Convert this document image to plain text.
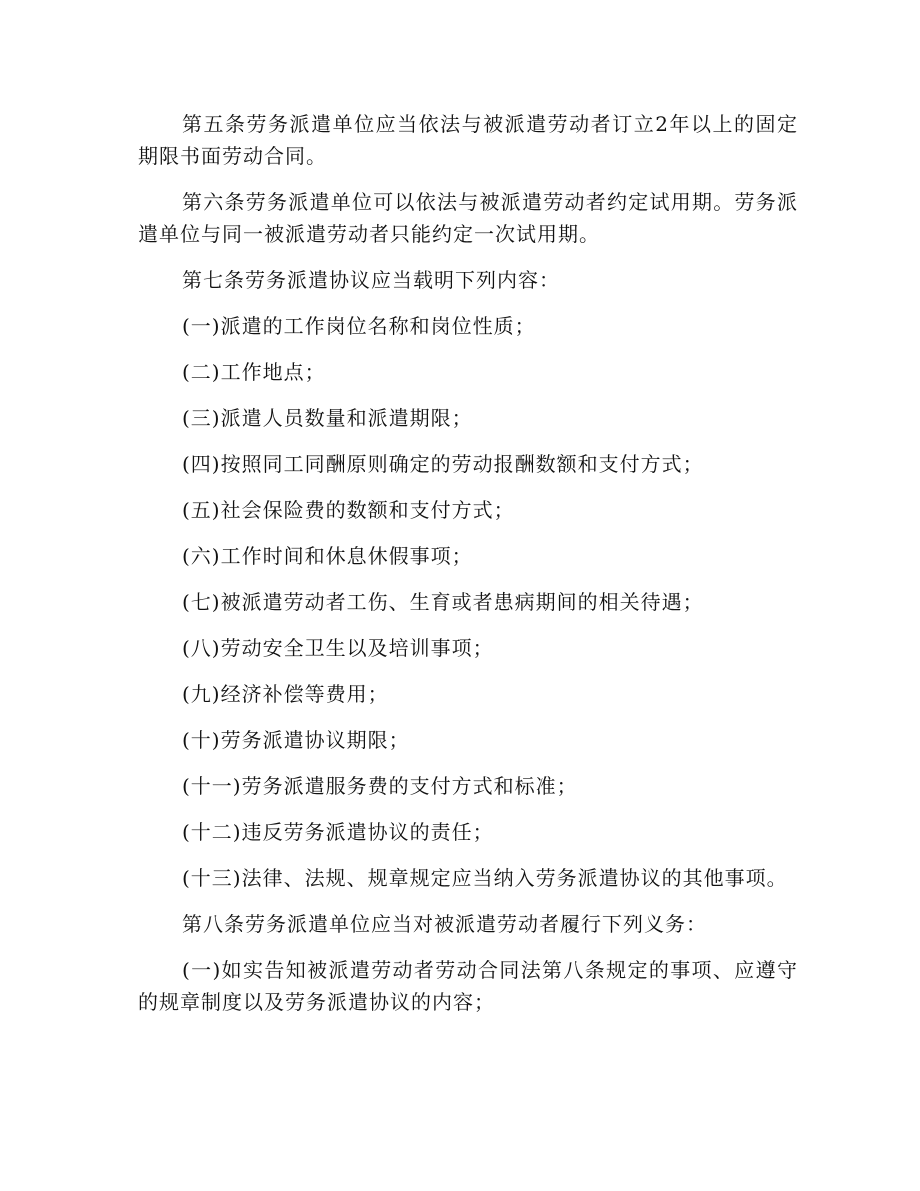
第五条劳务派遣单位应当依法与被派遣劳动者订立2年以上的固定期限书面劳动合同。

第六条劳务派遣单位可以依法与被派遣劳动者约定试用期。劳务派遣单位与同一被派遣劳动者只能约定一次试用期。

第七条劳务派遣协议应当载明下列内容：

(一)派遣的工作岗位名称和岗位性质；

(二)工作地点；

(三)派遣人员数量和派遣期限；

(四)按照同工同酬原则确定的劳动报酬数额和支付方式；

(五)社会保险费的数额和支付方式；

(六)工作时间和休息休假事项；

(七)被派遣劳动者工伤、生育或者患病期间的相关待遇；

(八)劳动安全卫生以及培训事项；

(九)经济补偿等费用；

(十)劳务派遣协议期限；

(十一)劳务派遣服务费的支付方式和标准；

(十二)违反劳务派遣协议的责任；

(十三)法律、法规、规章规定应当纳入劳务派遣协议的其他事项。

第八条劳务派遣单位应当对被派遣劳动者履行下列义务：

(一)如实告知被派遣劳动者劳动合同法第八条规定的事项、应遵守的规章制度以及劳务派遣协议的内容；
